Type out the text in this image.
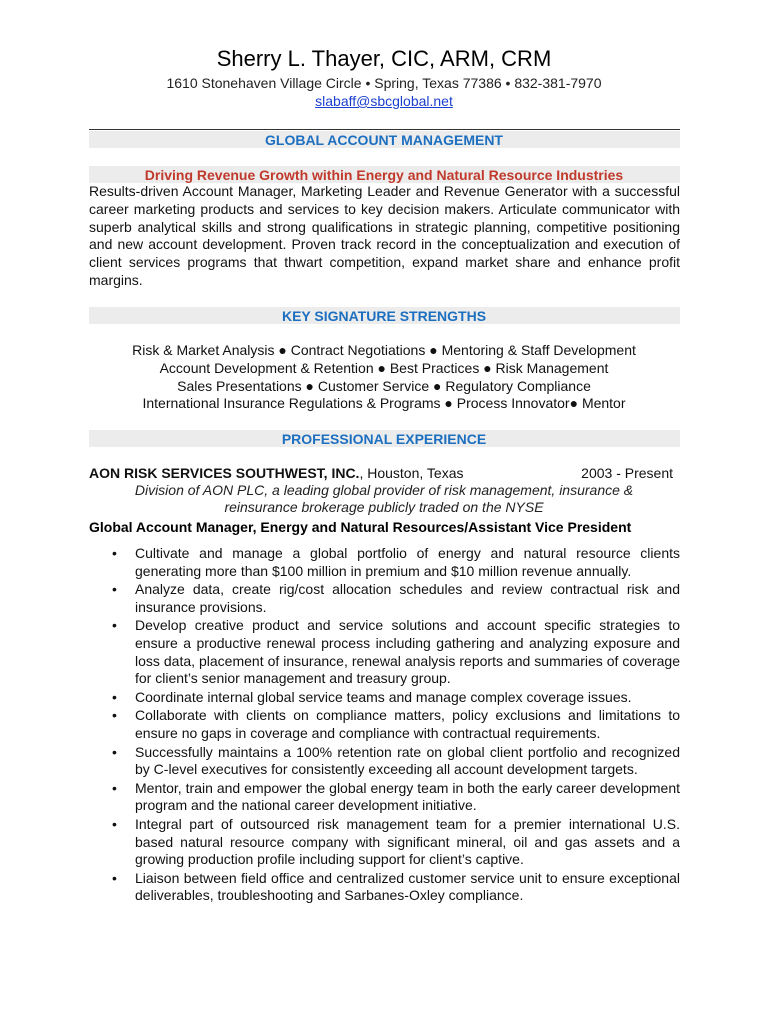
Sherry L. Thayer, CIC, ARM, CRM
1610 Stonehaven Village Circle • Spring, Texas 77386 • 832-381-7970
slabaff@sbcglobal.net
GLOBAL ACCOUNT MANAGEMENT
Driving Revenue Growth within Energy and Natural Resource Industries
Results-driven Account Manager, Marketing Leader and Revenue Generator with a successful career marketing products and services to key decision makers. Articulate communicator with superb analytical skills and strong qualifications in strategic planning, competitive positioning and new account development. Proven track record in the conceptualization and execution of client services programs that thwart competition, expand market share and enhance profit margins.
KEY SIGNATURE STRENGTHS
Risk & Market Analysis ● Contract Negotiations ● Mentoring & Staff Development
Account Development & Retention ● Best Practices ● Risk Management
Sales Presentations ● Customer Service ● Regulatory Compliance
International Insurance Regulations & Programs ● Process Innovator● Mentor
PROFESSIONAL EXPERIENCE
AON RISK SERVICES SOUTHWEST, INC., Houston, Texas	2003 - Present
Division of AON PLC, a leading global provider of risk management, insurance &
reinsurance brokerage publicly traded on the NYSE
Global Account Manager, Energy and Natural Resources/Assistant Vice President
• Cultivate and manage a global portfolio of energy and natural resource clients generating more than $100 million in premium and $10 million revenue annually.
• Analyze data, create rig/cost allocation schedules and review contractual risk and insurance provisions.
• Develop creative product and service solutions and account specific strategies to ensure a productive renewal process including gathering and analyzing exposure and loss data, placement of insurance, renewal analysis reports and summaries of coverage for client’s senior management and treasury group.
• Coordinate internal global service teams and manage complex coverage issues.
• Collaborate with clients on compliance matters, policy exclusions and limitations to ensure no gaps in coverage and compliance with contractual requirements.
• Successfully maintains a 100% retention rate on global client portfolio and recognized by C-level executives for consistently exceeding all account development targets.
• Mentor, train and empower the global energy team in both the early career development program and the national career development initiative.
• Integral part of outsourced risk management team for a premier international U.S. based natural resource company with significant mineral, oil and gas assets and a growing production profile including support for client’s captive.
• Liaison between field office and centralized customer service unit to ensure exceptional deliverables, troubleshooting and Sarbanes-Oxley compliance.
